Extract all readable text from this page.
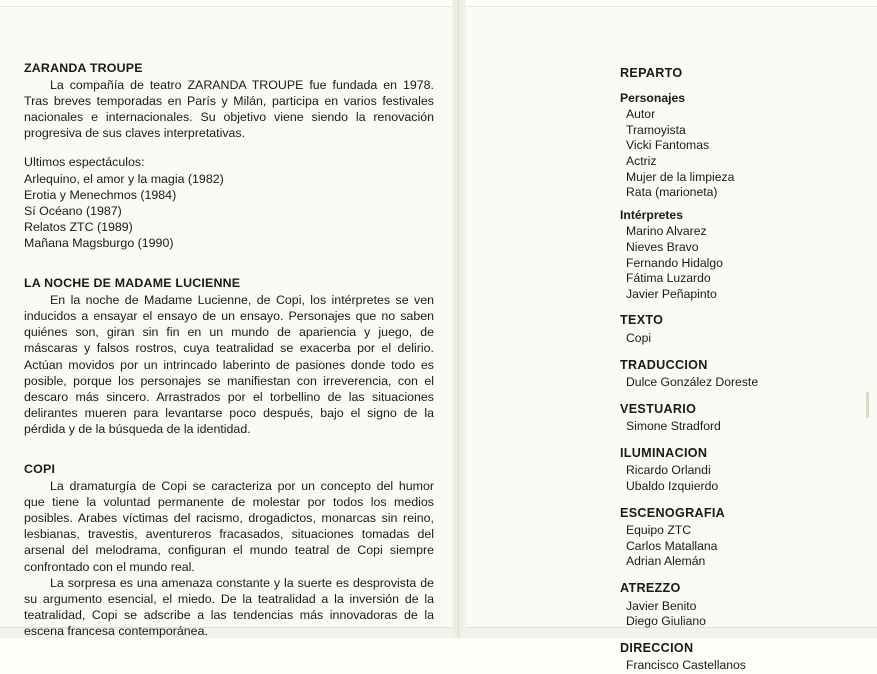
ZARANDA TROUPE

La compañía de teatro ZARANDA TROUPE fue fundada en 1978. Tras breves temporadas en París y Milán, participa en varios festivales nacionales e internacionales. Su objetivo viene siendo la renovación progresiva de sus claves interpretativas.

Ultimos espectáculos:

Arlequino, el amor y la magia (1982)

Erotia y Menechmos (1984)

Sí Océano (1987)

Relatos ZTC (1989)

Mañana Magsburgo (1990)

LA NOCHE DE MADAME LUCIENNE

En la noche de Madame Lucienne, de Copi, los intérpretes se ven inducidos a ensayar el ensayo de un ensayo. Personajes que no saben quiénes son, giran sin fin en un mundo de apariencia y juego, de máscaras y falsos rostros, cuya teatralidad se exacerba por el delirio. Actúan movidos por un intrincado laberinto de pasiones donde todo es posible, porque los personajes se manifiestan con irreverencia, con el descaro más sincero. Arrastrados por el torbellino de las situaciones delirantes mueren para levantarse poco después, bajo el signo de la pérdida y de la búsqueda de la identidad.

COPI

La dramaturgía de Copi se caracteriza por un concepto del humor que tiene la voluntad permanente de molestar por todos los medios posibles. Arabes víctimas del racismo, drogadictos, monarcas sin reino, lesbianas, travestis, aventureros fracasados, situaciones tomadas del arsenal del melodrama, configuran el mundo teatral de Copi siempre confrontado con el mundo real.

La sorpresa es una amenaza constante y la suerte es desprovista de su argumento esencial, el miedo. De la teatralidad a la inversión de la teatralidad, Copi se adscribe a las tendencias más innovadoras de la escena francesa contemporánea.

REPARTO

Personajes

Autor

Tramoyista

Vicki Fantomas

Actriz

Mujer de la limpieza

Rata (marioneta)

Intérpretes

Marino Alvarez

Nieves Bravo

Fernando Hidalgo

Fátima Luzardo

Javier Peñapinto

TEXTO

Copi

TRADUCCION

Dulce González Doreste

VESTUARIO

Simone Stradford

ILUMINACION

Ricardo Orlandi

Ubaldo Izquierdo

ESCENOGRAFIA

Equipo ZTC

Carlos Matallana

Adrian Alemán

ATREZZO

Javier Benito

Diego Giuliano

DIRECCION

Francisco Castellanos
